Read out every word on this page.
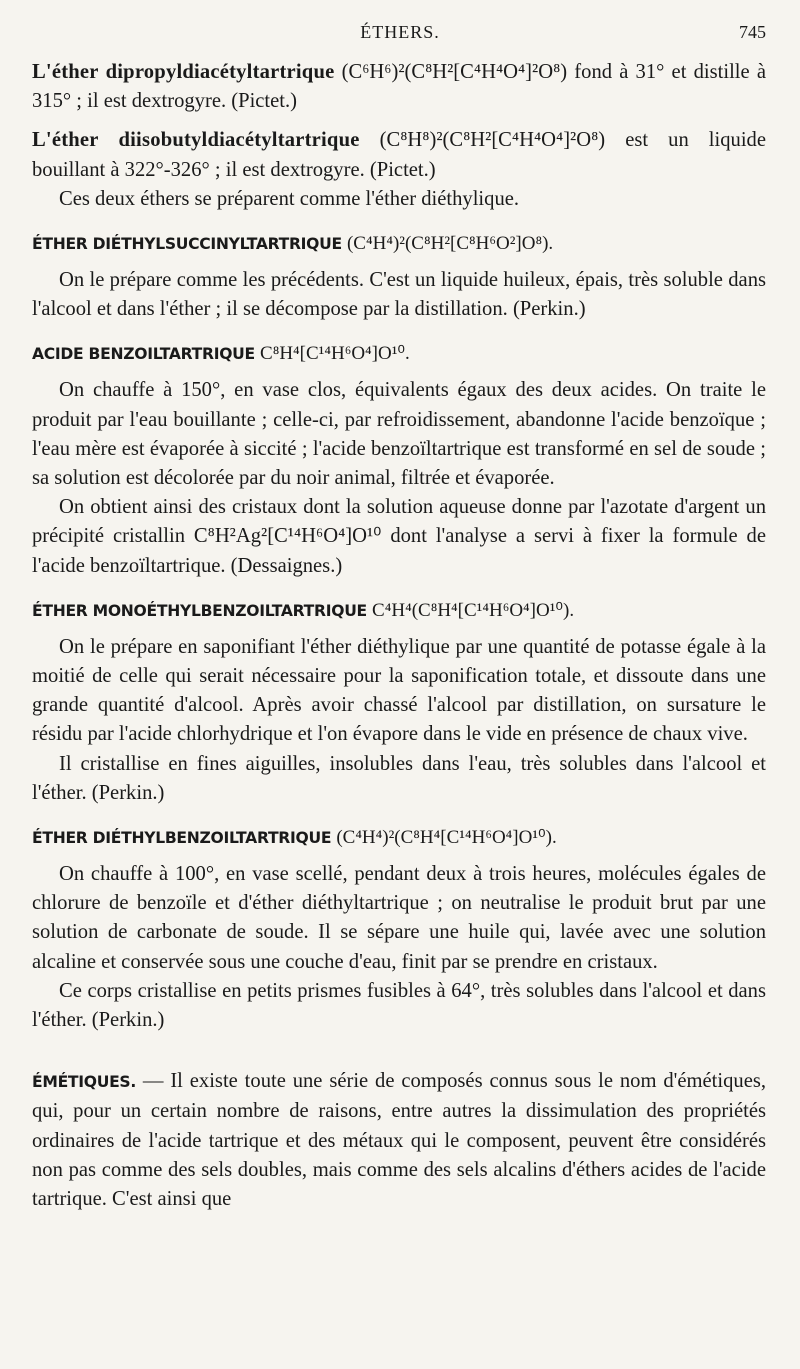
ÉTHERS.	745

L'éther dipropyldiacétyltartrique (C⁶H⁶)²(C⁸H²[C⁴H⁴O⁴]²O⁸) fond à 31° et distille à 315° ; il est dextrogyre. (Pictet.)

L'éther diisobutyldiacétyltartrique (C⁸H⁸)²(C⁸H²[C⁴H⁴O⁴]²O⁸) est un liquide bouillant à 322°-326° ; il est dextrogyre. (Pictet.)

Ces deux éthers se préparent comme l'éther diéthylique.

ÉTHER DIÉTHYLSUCCINYLTARTRIQUE (C⁴H⁴)²(C⁸H²[C⁸H⁶O²]O⁸).

On le prépare comme les précédents. C'est un liquide huileux, épais, très soluble dans l'alcool et dans l'éther ; il se décompose par la distillation. (Perkin.)

ACIDE BENZOILTARTRIQUE C⁸H⁴[C¹⁴H⁶O⁴]O¹⁰.

On chauffe à 150°, en vase clos, équivalents égaux des deux acides. On traite le produit par l'eau bouillante ; celle-ci, par refroidissement, abandonne l'acide benzoïque ; l'eau mère est évaporée à siccité ; l'acide benzoïltartrique est transformé en sel de soude ; sa solution est décolorée par du noir animal, filtrée et évaporée.

On obtient ainsi des cristaux dont la solution aqueuse donne par l'azotate d'argent un précipité cristallin C⁸H²Ag²[C¹⁴H⁶O⁴]O¹⁰ dont l'analyse a servi à fixer la formule de l'acide benzoïltartrique. (Dessaignes.)

ÉTHER MONOÉTHYLBENZOILTARTRIQUE C⁴H⁴(C⁸H⁴[C¹⁴H⁶O⁴]O¹⁰).

On le prépare en saponifiant l'éther diéthylique par une quantité de potasse égale à la moitié de celle qui serait nécessaire pour la saponification totale, et dissoute dans une grande quantité d'alcool. Après avoir chassé l'alcool par distillation, on sursature le résidu par l'acide chlorhydrique et l'on évapore dans le vide en présence de chaux vive.

Il cristallise en fines aiguilles, insolubles dans l'eau, très solubles dans l'alcool et l'éther. (Perkin.)

ÉTHER DIÉTHYLBENZOILTARTRIQUE (C⁴H⁴)²(C⁸H⁴[C¹⁴H⁶O⁴]O¹⁰).

On chauffe à 100°, en vase scellé, pendant deux à trois heures, molécules égales de chlorure de benzoïle et d'éther diéthyltartrique ; on neutralise le produit brut par une solution de carbonate de soude. Il se sépare une huile qui, lavée avec une solution alcaline et conservée sous une couche d'eau, finit par se prendre en cristaux.

Ce corps cristallise en petits prismes fusibles à 64°, très solubles dans l'alcool et dans l'éther. (Perkin.)

ÉMÉTIQUES. — Il existe toute une série de composés connus sous le nom d'émétiques, qui, pour un certain nombre de raisons, entre autres la dissimulation des propriétés ordinaires de l'acide tartrique et des métaux qui le composent, peuvent être considérés non pas comme des sels doubles, mais comme des sels alcalins d'éthers acides de l'acide tartrique. C'est ainsi que
